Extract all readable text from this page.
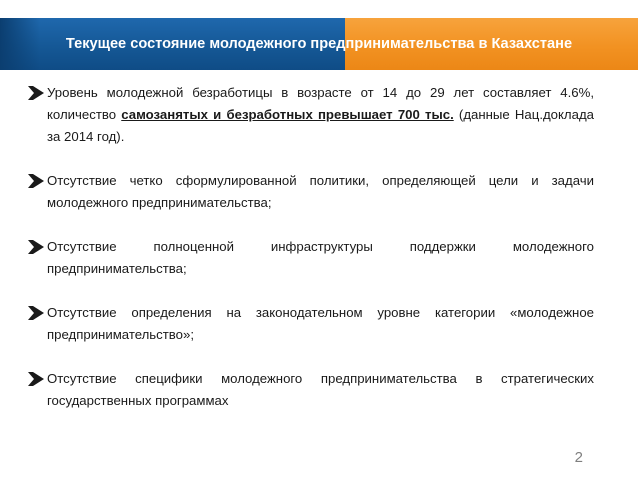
Текущее состояние молодежного предпринимательства в Казахстане
Уровень молодежной безработицы в возрасте от 14 до 29 лет составляет 4.6%, количество самозанятых и безработных превышает 700 тыс. (данные Нац.доклада за 2014 год).
Отсутствие четко сформулированной политики, определяющей цели и задачи молодежного предпринимательства;
Отсутствие полноценной инфраструктуры поддержки молодежного предпринимательства;
Отсутствие определения на законодательном уровне категории «молодежное предпринимательство»;
Отсутствие специфики молодежного предпринимательства в стратегических государственных программах
2
